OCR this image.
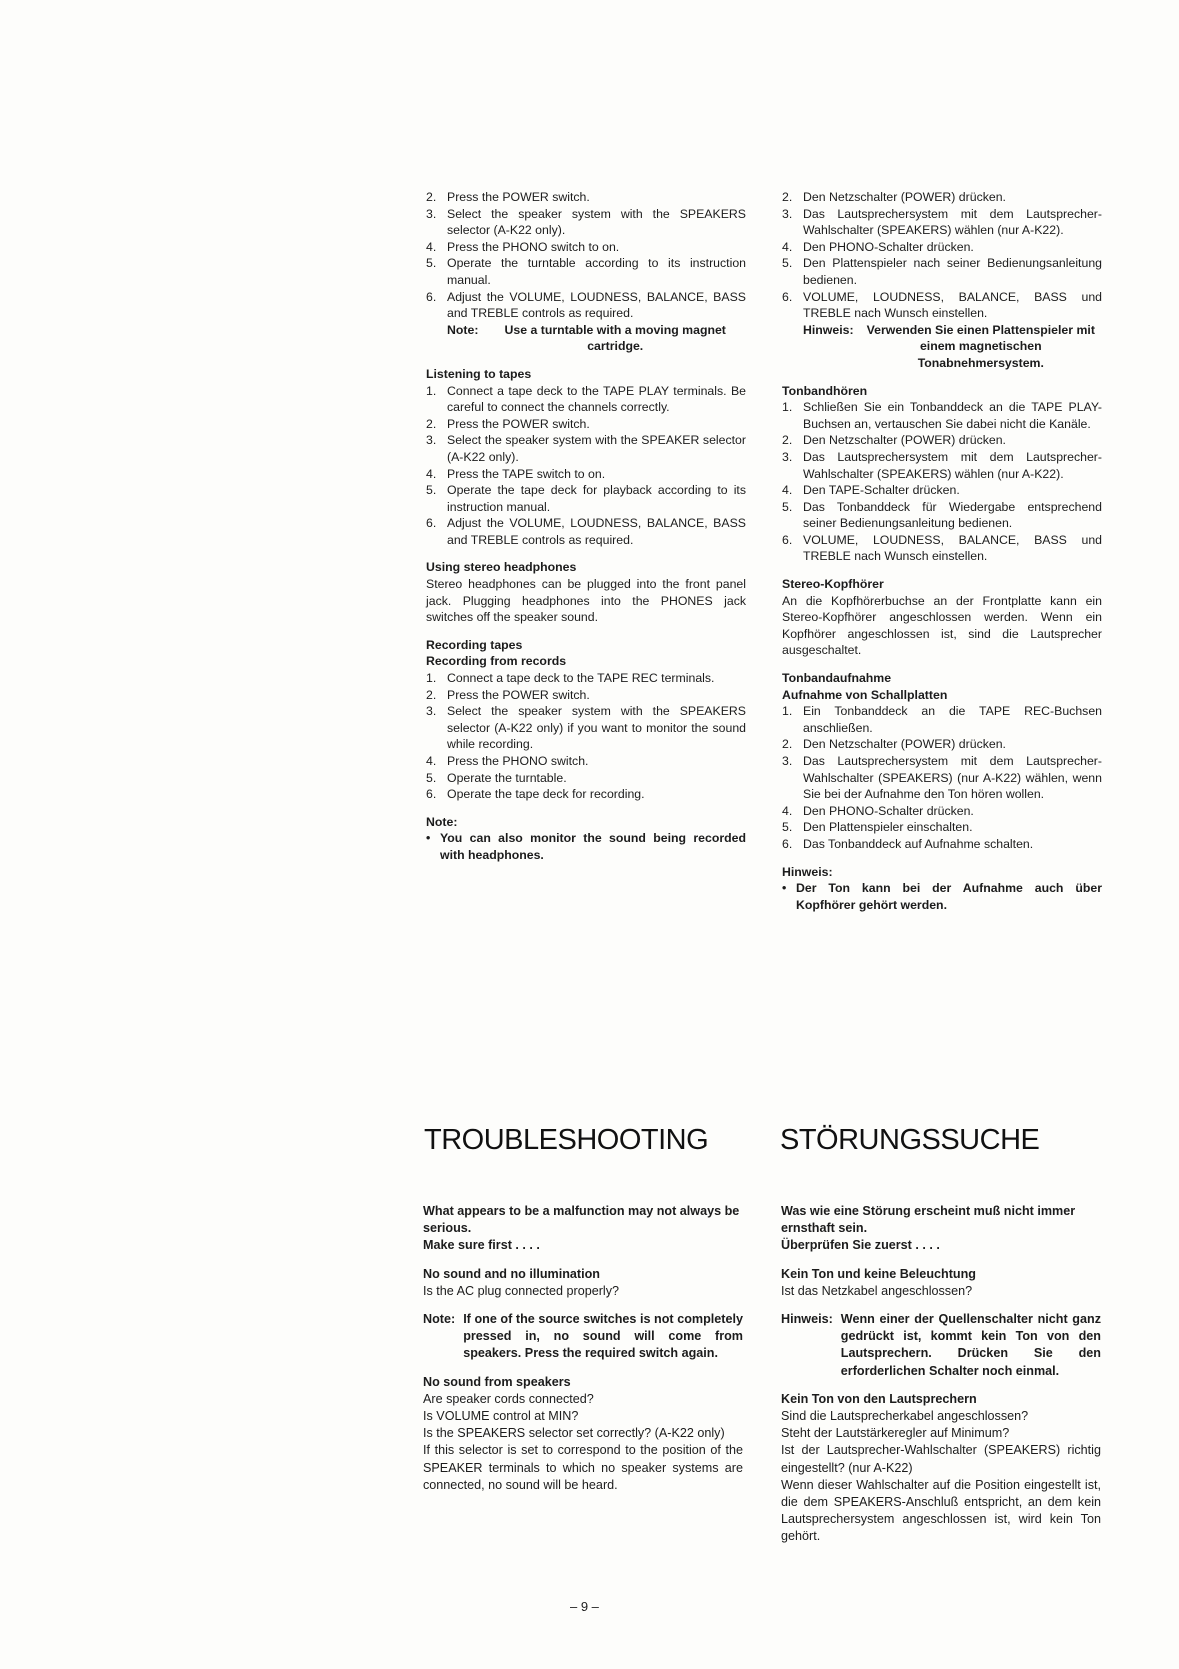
2. Press the POWER switch.
3. Select the speaker system with the SPEAKERS selector (A-K22 only).
4. Press the PHONO switch to on.
5. Operate the turntable according to its instruction manual.
6. Adjust the VOLUME, LOUDNESS, BALANCE, BASS and TREBLE controls as required.
Note:	Use a turntable with a moving magnet cartridge.
Listening to tapes
1. Connect a tape deck to the TAPE PLAY terminals. Be careful to connect the channels correctly.
2. Press the POWER switch.
3. Select the speaker system with the SPEAKER selector (A-K22 only).
4. Press the TAPE switch to on.
5. Operate the tape deck for playback according to its instruction manual.
6. Adjust the VOLUME, LOUDNESS, BALANCE, BASS and TREBLE controls as required.
Using stereo headphones
Stereo headphones can be plugged into the front panel jack. Plugging headphones into the PHONES jack switches off the speaker sound.
Recording tapes
Recording from records
1. Connect a tape deck to the TAPE REC terminals.
2. Press the POWER switch.
3. Select the speaker system with the SPEAKERS selector (A-K22 only) if you want to monitor the sound while recording.
4. Press the PHONO switch.
5. Operate the turntable.
6. Operate the tape deck for recording.
Note:
• You can also monitor the sound being recorded with headphones.
2. Den Netzschalter (POWER) drücken.
3. Das Lautsprechersystem mit dem Lautsprecher-Wahlschalter (SPEAKERS) wählen (nur A-K22).
4. Den PHONO-Schalter drücken.
5. Den Plattenspieler nach seiner Bedienungsanleitung bedienen.
6. VOLUME, LOUDNESS, BALANCE, BASS und TREBLE nach Wunsch einstellen.
Hinweis:	Verwenden Sie einen Plattenspieler mit einem magnetischen Tonabnehmersystem.
Tonbandhören
1. Schließen Sie ein Tonbanddeck an die TAPE PLAY-Buchsen an, vertauschen Sie dabei nicht die Kanäle.
2. Den Netzschalter (POWER) drücken.
3. Das Lautsprechersystem mit dem Lautsprecher-Wahlschalter (SPEAKERS) wählen (nur A-K22).
4. Den TAPE-Schalter drücken.
5. Das Tonbanddeck für Wiedergabe entsprechend seiner Bedienungsanleitung bedienen.
6. VOLUME, LOUDNESS, BALANCE, BASS und TREBLE nach Wunsch einstellen.
Stereo-Kopfhörer
An die Kopfhörerbuchse an der Frontplatte kann ein Stereo-Kopfhörer angeschlossen werden. Wenn ein Kopfhörer angeschlossen ist, sind die Lautsprecher ausgeschaltet.
Tonbandaufnahme
Aufnahme von Schallplatten
1. Ein Tonbanddeck an die TAPE REC-Buchsen anschließen.
2. Den Netzschalter (POWER) drücken.
3. Das Lautsprechersystem mit dem Lautsprecher-Wahlschalter (SPEAKERS) (nur A-K22) wählen, wenn Sie bei der Aufnahme den Ton hören wollen.
4. Den PHONO-Schalter drücken.
5. Den Plattenspieler einschalten.
6. Das Tonbanddeck auf Aufnahme schalten.
Hinweis:
• Der Ton kann bei der Aufnahme auch über Kopfhörer gehört werden.
TROUBLESHOOTING STÖRUNGSSUCHE
What appears to be a malfunction may not always be serious.
Make sure first . . . .
No sound and no illumination
Is the AC plug connected properly?
Note: If one of the source switches is not completely pressed in, no sound will come from speakers. Press the required switch again.
No sound from speakers
Are speaker cords connected?
Is VOLUME control at MIN?
Is the SPEAKERS selector set correctly? (A-K22 only)
If this selector is set to correspond to the position of the SPEAKER terminals to which no speaker systems are connected, no sound will be heard.
Was wie eine Störung erscheint muß nicht immer ernsthaft sein.
Überprüfen Sie zuerst . . . .
Kein Ton und keine Beleuchtung
Ist das Netzkabel angeschlossen?
Hinweis: Wenn einer der Quellenschalter nicht ganz gedrückt ist, kommt kein Ton von den Lautsprechern. Drücken Sie den erforderlichen Schalter noch einmal.
Kein Ton von den Lautsprechern
Sind die Lautsprecherkabel angeschlossen?
Steht der Lautstärkeregler auf Minimum?
Ist der Lautsprecher-Wahlschalter (SPEAKERS) richtig eingestellt? (nur A-K22)
Wenn dieser Wahlschalter auf die Position eingestellt ist, die dem SPEAKERS-Anschluß entspricht, an dem kein Lautsprechersystem angeschlossen ist, wird kein Ton gehört.
– 9 –
